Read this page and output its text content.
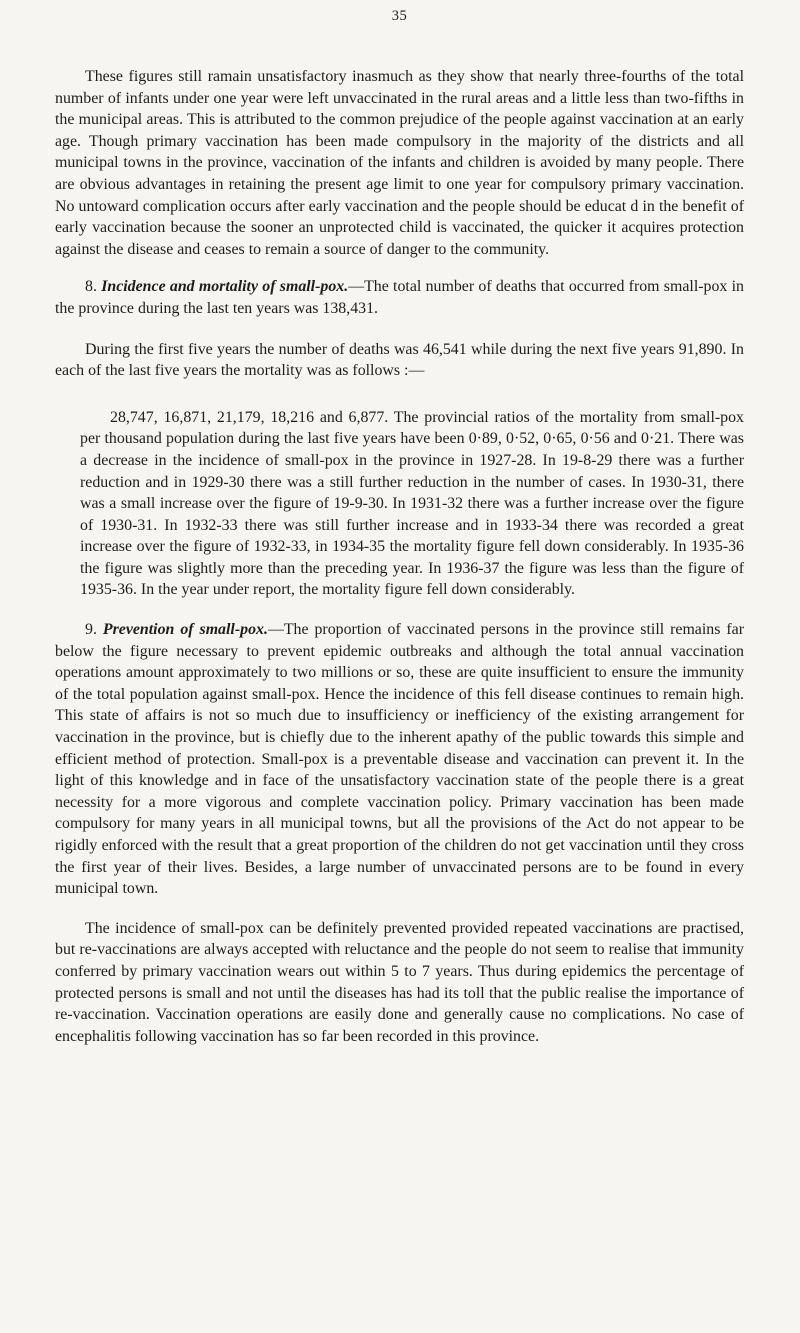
35

These figures still ramain unsatisfactory inasmuch as they show that nearly three-fourths of the total number of infants under one year were left unvaccinated in the rural areas and a little less than two-fifths in the municipal areas. This is attributed to the common prejudice of the people against vaccination at an early age. Though primary vaccination has been made compulsory in the majority of the districts and all municipal towns in the province, vaccination of the infants and children is avoided by many people. There are obvious advantages in retaining the present age limit to one year for compulsory primary vaccination. No untoward complication occurs after early vaccination and the people should be educat d in the benefit of early vaccination because the sooner an unprotected child is vaccinated, the quicker it acquires protection against the disease and ceases to remain a source of danger to the community.

8. Incidence and mortality of small-pox.—The total number of deaths that occurred from small-pox in the province during the last ten years was 138,431.

During the first five years the number of deaths was 46,541 while during the next five years 91,890. In each of the last five years the mortality was as follows :—

28,747, 16,871, 21,179, 18,216 and 6,877. The provincial ratios of the mortality from small-pox per thousand population during the last five years have been 0·89, 0·52, 0·65, 0·56 and 0·21. There was a decrease in the incidence of small-pox in the province in 1927-28. In 19-8-29 there was a further reduction and in 1929-30 there was a still further reduction in the number of cases. In 1930-31, there was a small increase over the figure of 19-9-30. In 1931-32 there was a further increase over the figure of 1930-31. In 1932-33 there was still further increase and in 1933-34 there was recorded a great increase over the figure of 1932-33, in 1934-35 the mortality figure fell down considerably. In 1935-36 the figure was slightly more than the preceding year. In 1936-37 the figure was less than the figure of 1935-36. In the year under report, the mortality figure fell down considerably.

9. Prevention of small-pox.—The proportion of vaccinated persons in the province still remains far below the figure necessary to prevent epidemic outbreaks and although the total annual vaccination operations amount approximately to two millions or so, these are quite insufficient to ensure the immunity of the total population against small-pox. Hence the incidence of this fell disease continues to remain high. This state of affairs is not so much due to insufficiency or inefficiency of the existing arrangement for vaccination in the province, but is chiefly due to the inherent apathy of the public towards this simple and efficient method of protection. Small-pox is a preventable disease and vaccination can prevent it. In the light of this knowledge and in face of the unsatisfactory vaccination state of the people there is a great necessity for a more vigorous and complete vaccination policy. Primary vaccination has been made compulsory for many years in all municipal towns, but all the provisions of the Act do not appear to be rigidly enforced with the result that a great proportion of the children do not get vaccination until they cross the first year of their lives. Besides, a large number of unvaccinated persons are to be found in every municipal town.

The incidence of small-pox can be definitely prevented provided repeated vaccinations are practised, but re-vaccinations are always accepted with reluctance and the people do not seem to realise that immunity conferred by primary vaccination wears out within 5 to 7 years. Thus during epidemics the percentage of protected persons is small and not until the diseases has had its toll that the public realise the importance of re-vaccination. Vaccination operations are easily done and generally cause no complications. No case of encephalitis following vaccination has so far been recorded in this province.
